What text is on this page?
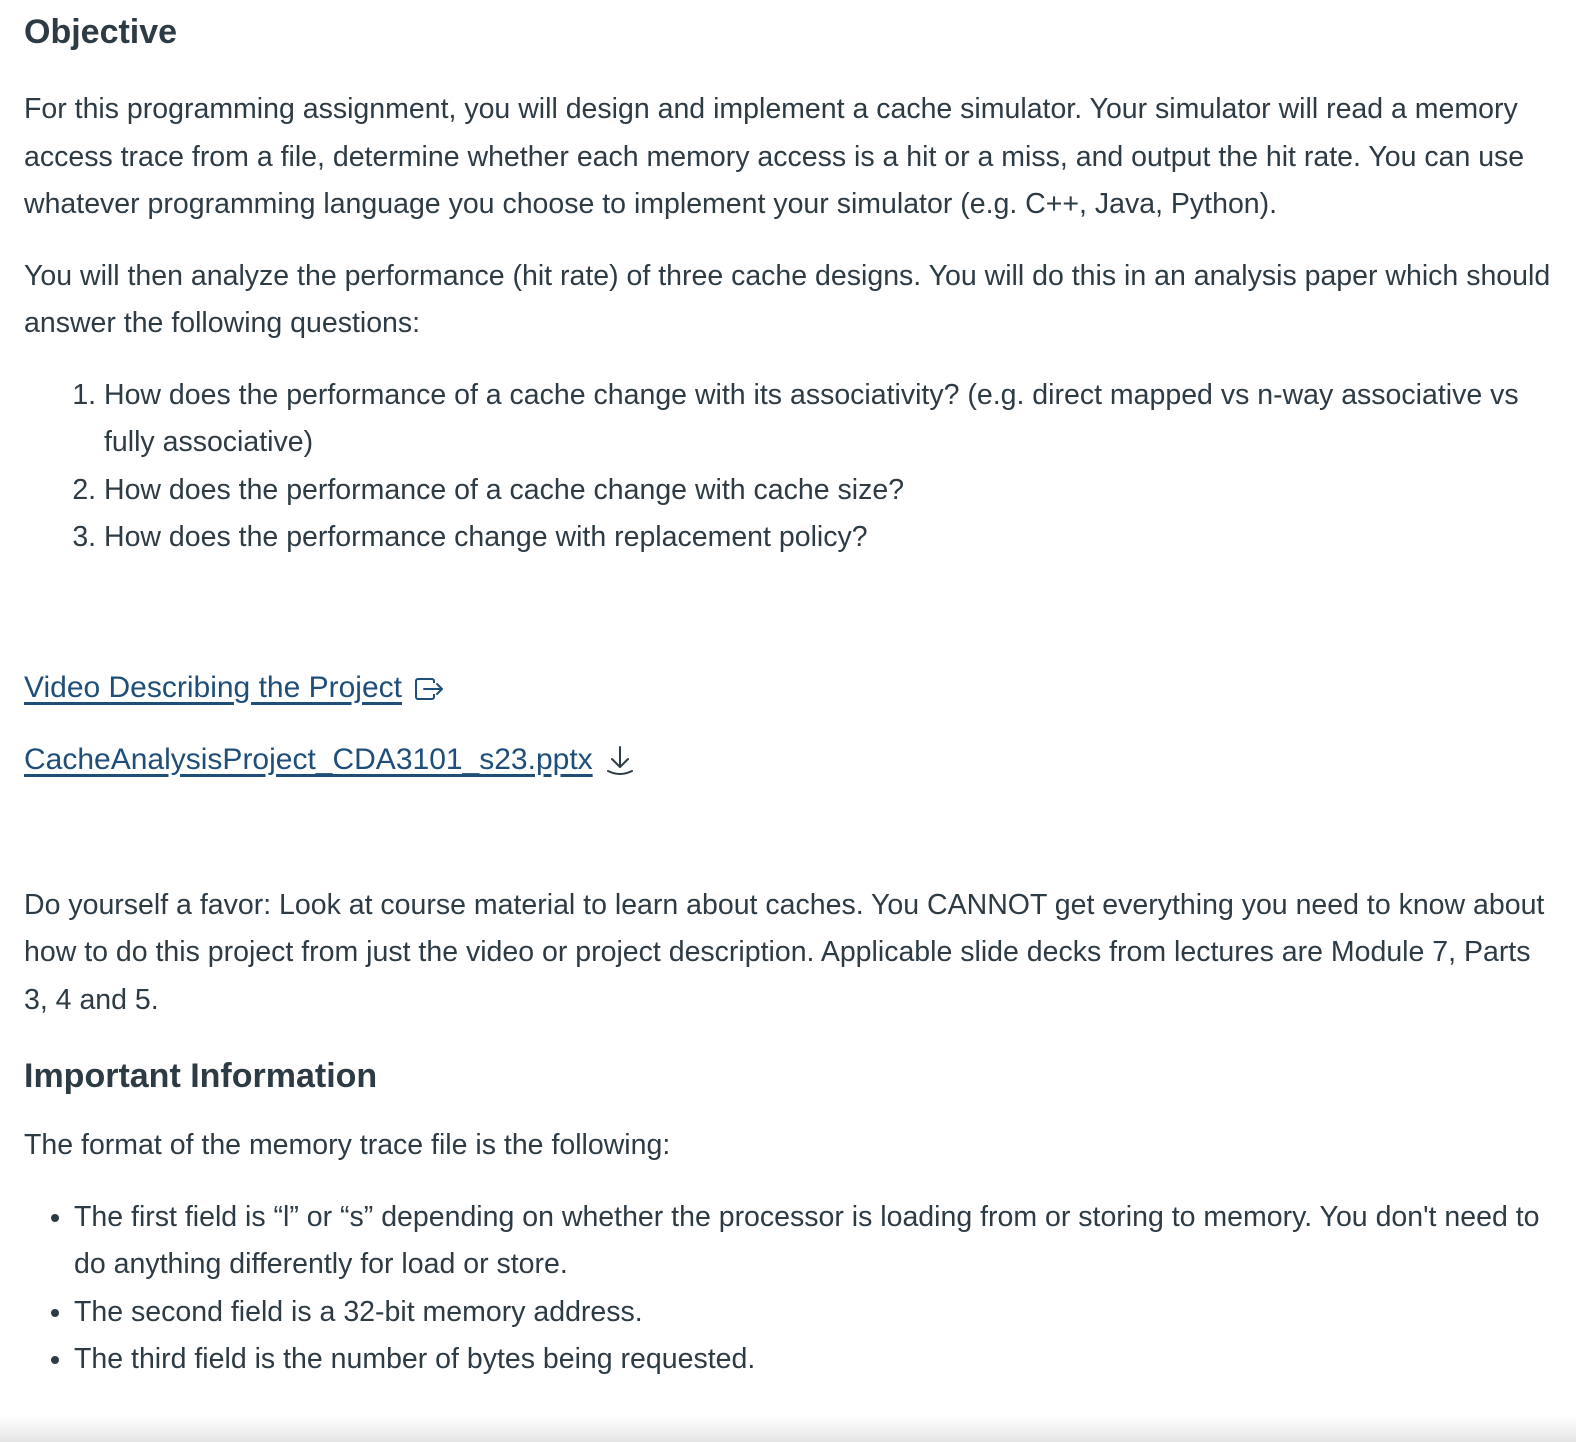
Objective

For this programming assignment, you will design and implement a cache simulator. Your simulator will read a memory access trace from a file, determine whether each memory access is a hit or a miss, and output the hit rate. You can use whatever programming language you choose to implement your simulator (e.g. C++, Java, Python).

You will then analyze the performance (hit rate) of three cache designs. You will do this in an analysis paper which should answer the following questions:

1. How does the performance of a cache change with its associativity? (e.g. direct mapped vs n-way associative vs fully associative)
2. How does the performance of a cache change with cache size?
3. How does the performance change with replacement policy?
Video Describing the Project
CacheAnalysisProject_CDA3101_s23.pptx

Do yourself a favor: Look at course material to learn about caches. You CANNOT get everything you need to know about how to do this project from just the video or project description. Applicable slide decks from lectures are Module 7, Parts 3, 4 and 5.

Important Information

The format of the memory trace file is the following:

• The first field is “l” or “s” depending on whether the processor is loading from or storing to memory. You don't need to do anything differently for load or store.
• The second field is a 32-bit memory address.
• The third field is the number of bytes being requested.
